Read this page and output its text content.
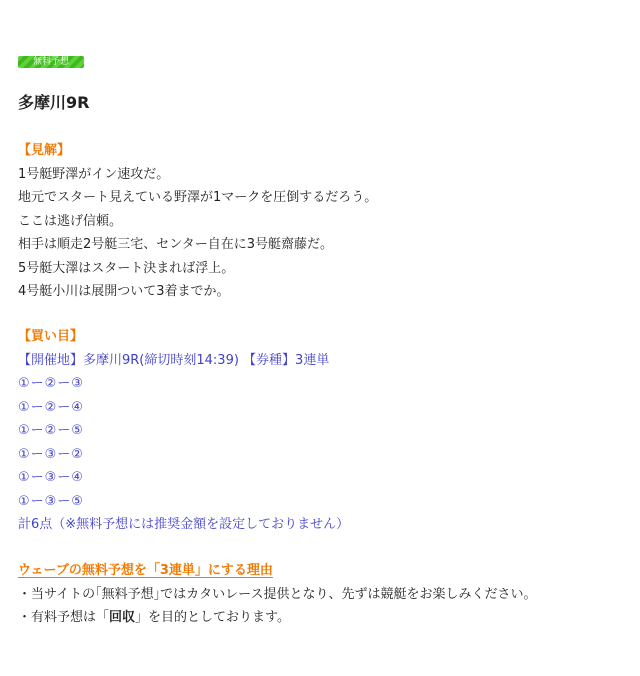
無料予想
多摩川9R
【見解】
1号艇野澤がイン速攻だ。
地元でスタート見えている野澤が1マークを圧倒するだろう。
ここは逃げ信頼。
相手は順走2号艇三宅、センター自在に3号艇齋藤だ。
5号艇大澤はスタート決まれば浮上。
4号艇小川は展開ついて3着までか。
【買い目】
【開催地】多摩川9R(締切時刻14:39) 【券種】3連単
①ー②ー③
①ー②ー④
①ー②ー⑤
①ー③ー②
①ー③ー④
①ー③ー⑤
計6点（※無料予想には推奨金額を設定しておりません）
ウェーブの無料予想を「3連単」にする理由
・当サイトの｢無料予想｣ではカタいレース提供となり、先ずは競艇をお楽しみください。
・有料予想は「回収」を目的としております。
